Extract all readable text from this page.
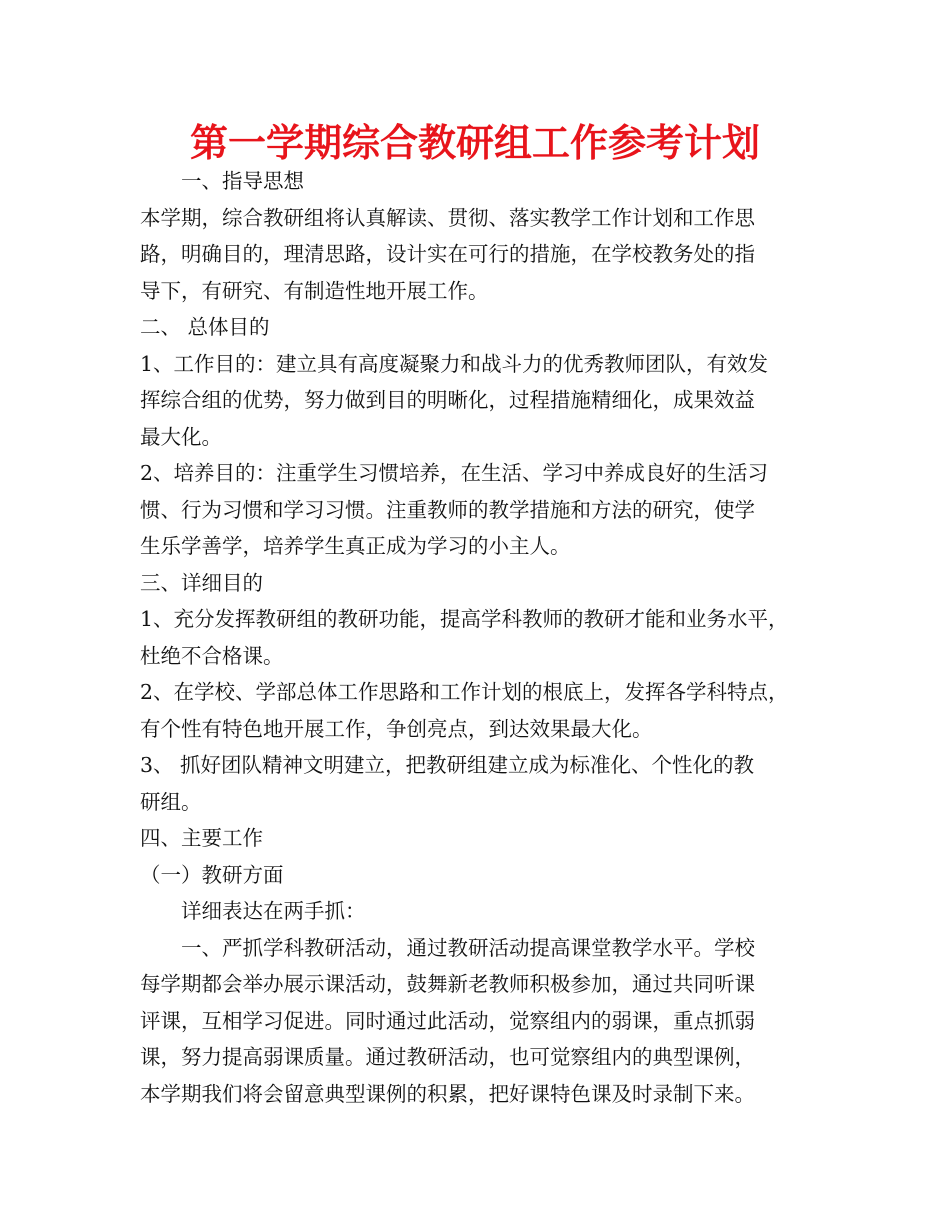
第一学期综合教研组工作参考计划
一、指导思想
本学期，综合教研组将认真解读、贯彻、落实教学工作计划和工作思
路，明确目的，理清思路，设计实在可行的措施，在学校教务处的指
导下，有研究、有制造性地开展工作。
二、 总体目的
1、工作目的：建立具有高度凝聚力和战斗力的优秀教师团队，有效发
挥综合组的优势，努力做到目的明晰化，过程措施精细化，成果效益
最大化。
2、培养目的：注重学生习惯培养，在生活、学习中养成良好的生活习
惯、行为习惯和学习习惯。注重教师的教学措施和方法的研究，使学
生乐学善学，培养学生真正成为学习的小主人。
三、详细目的
1、充分发挥教研组的教研功能，提高学科教师的教研才能和业务水平，
杜绝不合格课。
2、在学校、学部总体工作思路和工作计划的根底上，发挥各学科特点，
有个性有特色地开展工作，争创亮点，到达效果最大化。
3、 抓好团队精神文明建立，把教研组建立成为标准化、个性化的教
研组。
四、主要工作
（一）教研方面
详细表达在两手抓：
一、严抓学科教研活动，通过教研活动提高课堂教学水平。学校
每学期都会举办展示课活动，鼓舞新老教师积极参加，通过共同听课
评课，互相学习促进。同时通过此活动，觉察组内的弱课，重点抓弱
课，努力提高弱课质量。通过教研活动，也可觉察组内的典型课例，
本学期我们将会留意典型课例的积累，把好课特色课及时录制下来。
